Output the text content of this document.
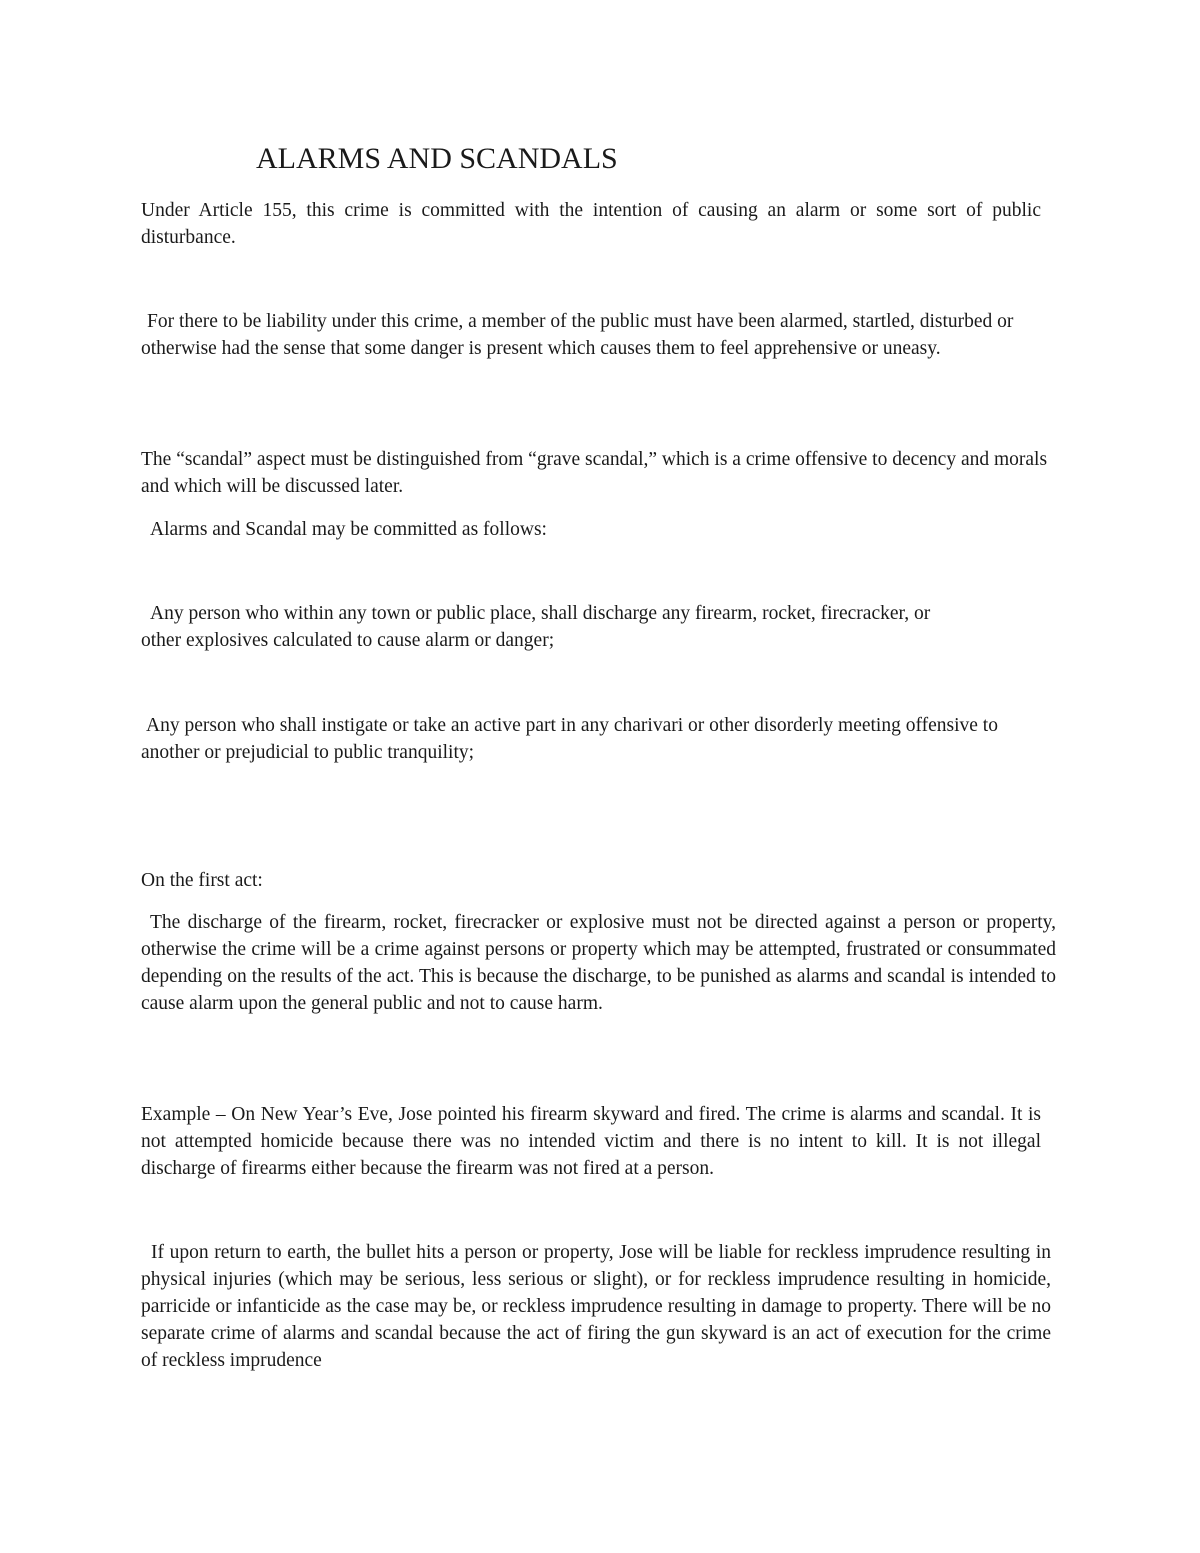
ALARMS AND SCANDALS

Under Article 155, this crime is committed with the intention of causing an alarm or some sort of public disturbance.

For there to be liability under this crime, a member of the public must have been alarmed, startled, disturbed or otherwise had the sense that some danger is present which causes them to feel apprehensive or uneasy.

The “scandal” aspect must be distinguished from “grave scandal,” which is a crime offensive to decency and morals and which will be discussed later.

Alarms and Scandal may be committed as follows:

Any person who within any town or public place, shall discharge any firearm, rocket, firecracker, or other explosives calculated to cause alarm or danger;

Any person who shall instigate or take an active part in any charivari or other disorderly meeting offensive to another or prejudicial to public tranquility;

On the first act:

The discharge of the firearm, rocket, firecracker or explosive must not be directed against a person or property, otherwise the crime will be a crime against persons or property which may be attempted, frustrated or consummated depending on the results of the act. This is because the discharge, to be punished as alarms and scandal is intended to cause alarm upon the general public and not to cause harm.

Example – On New Year’s Eve, Jose pointed his firearm skyward and fired. The crime is alarms and scandal. It is not attempted homicide because there was no intended victim and there is no intent to kill. It is not illegal discharge of firearms either because the firearm was not fired at a person.

If upon return to earth, the bullet hits a person or property, Jose will be liable for reckless imprudence resulting in physical injuries (which may be serious, less serious or slight), or for reckless imprudence resulting in homicide, parricide or infanticide as the case may be, or reckless imprudence resulting in damage to property. There will be no separate crime of alarms and scandal because the act of firing the gun skyward is an act of execution for the crime of reckless imprudence
